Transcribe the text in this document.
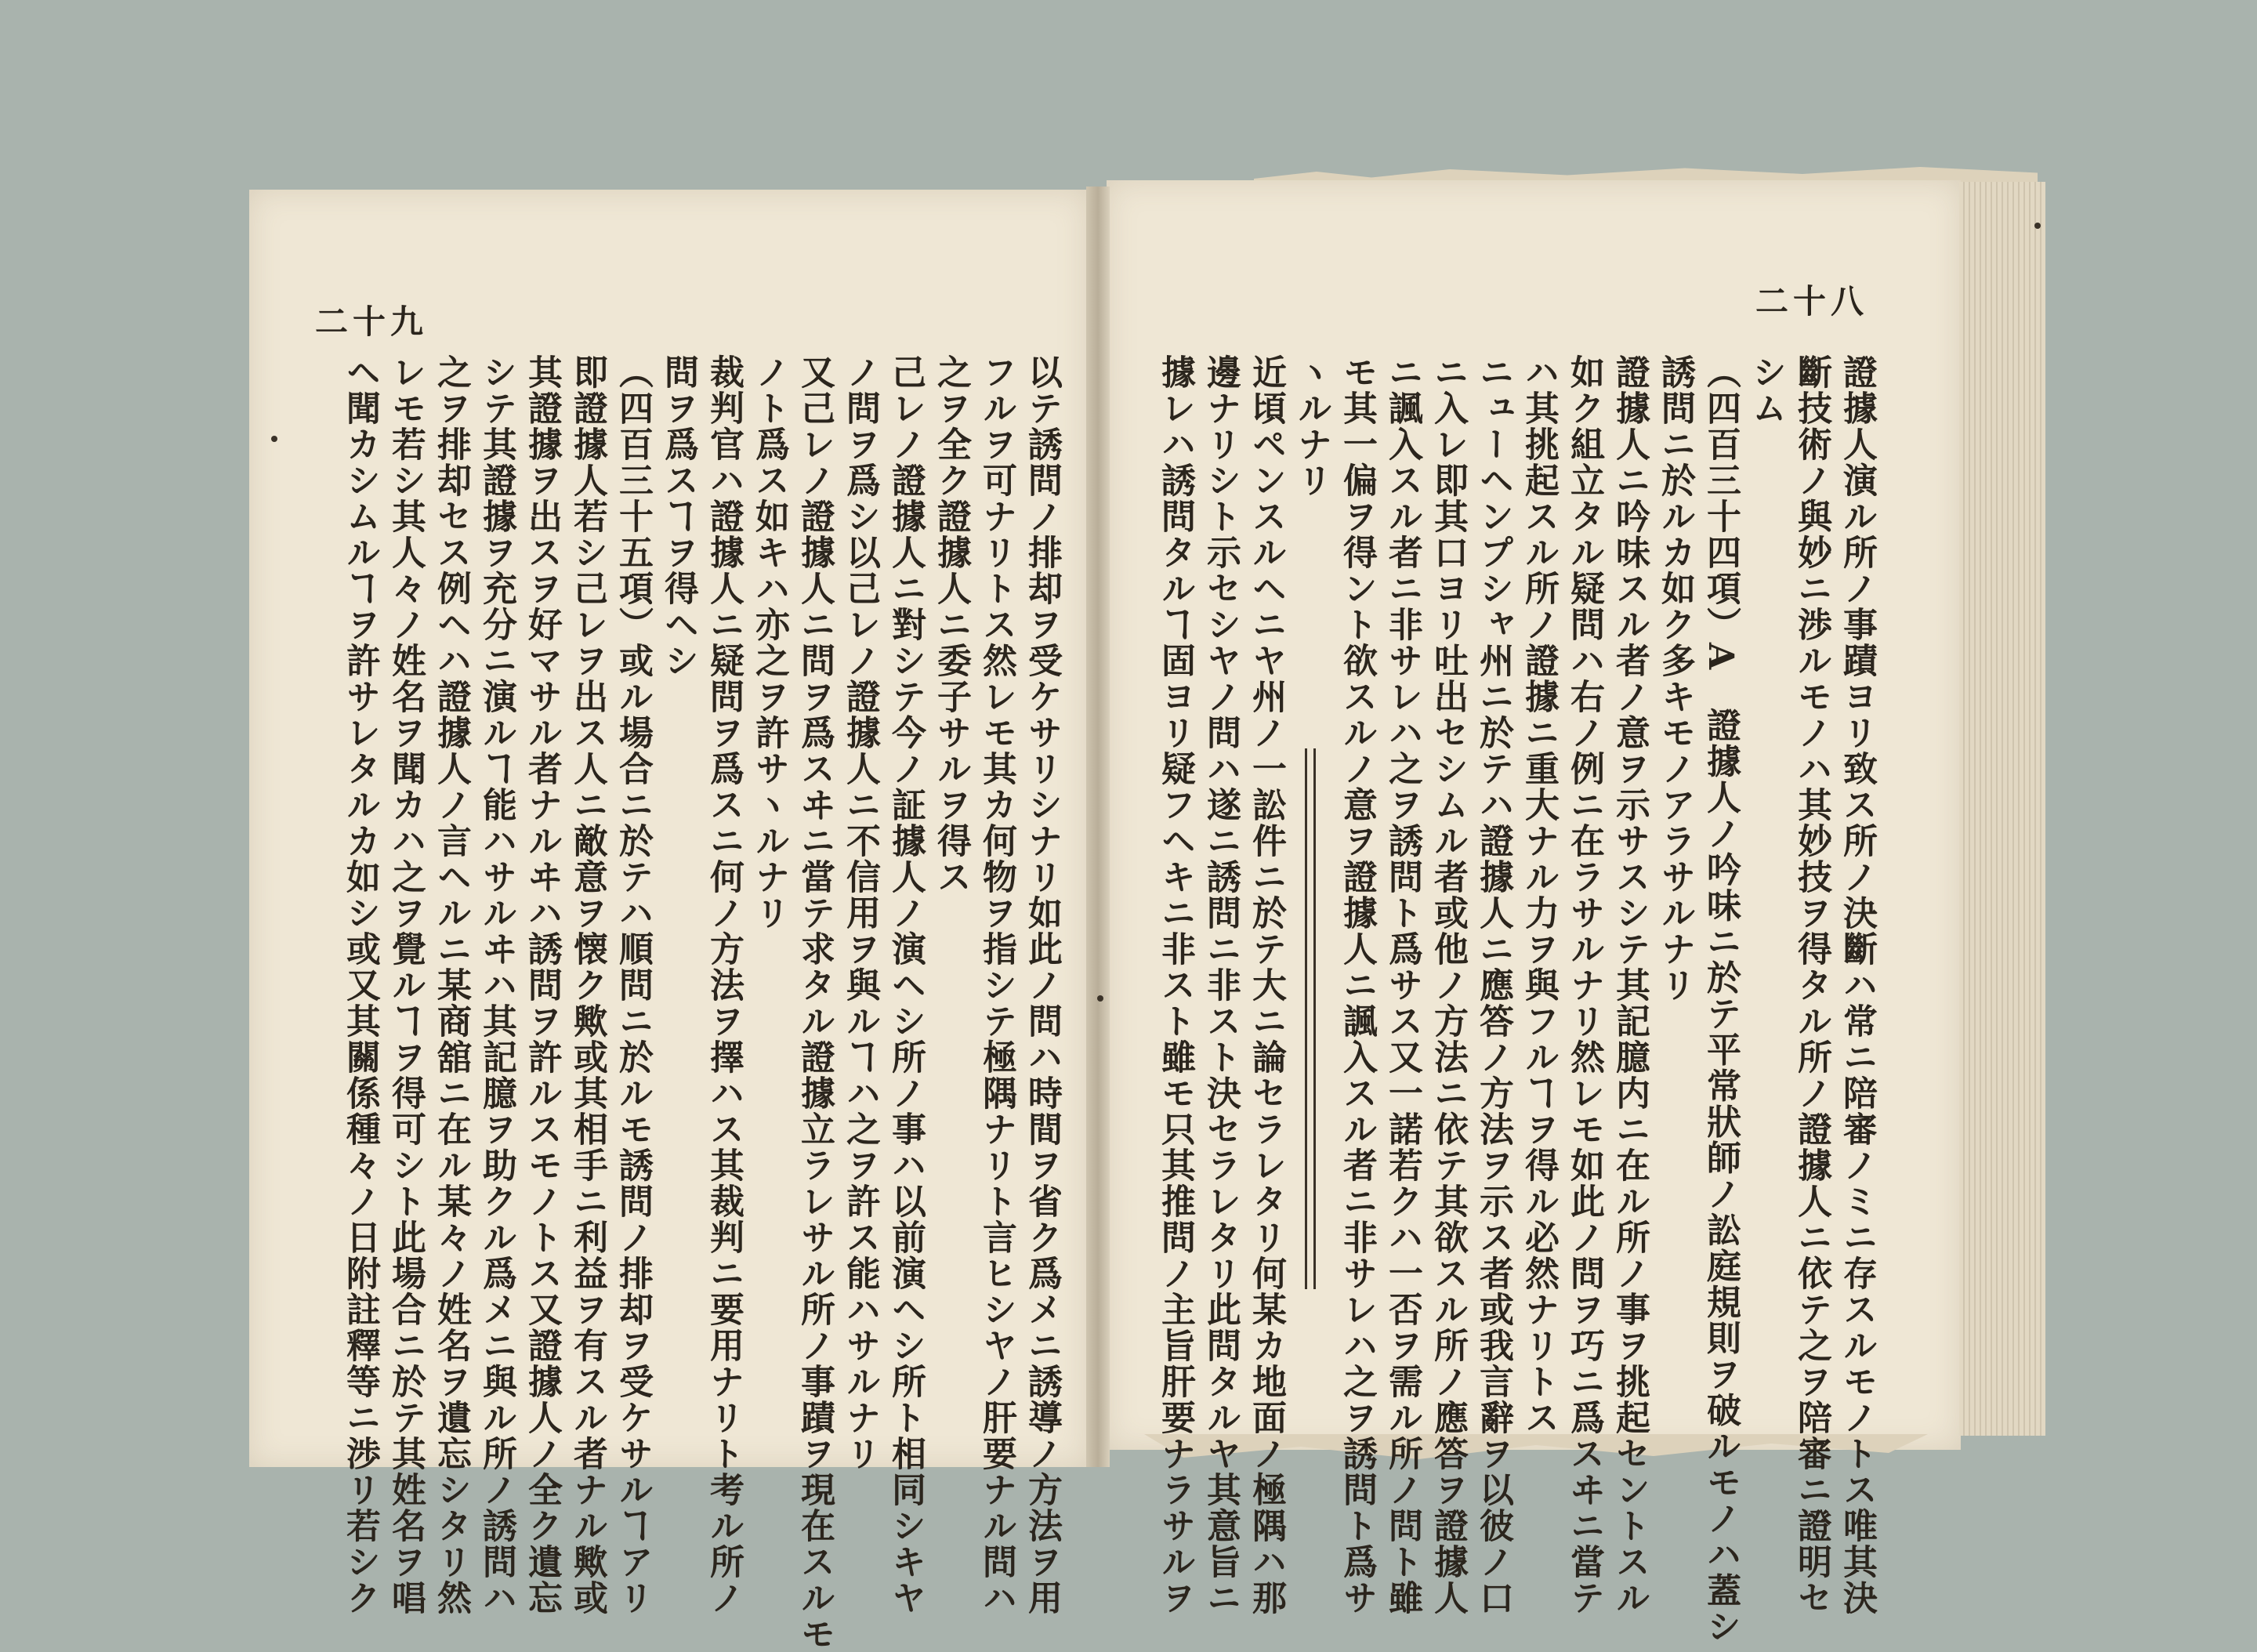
二十九
二十八
證據人演ル所ノ事蹟ヨリ致ス所ノ決斷ハ常ニ陪審ノミニ存スルモノトス唯其決
斷技術ノ與妙ニ渉ルモノハ其妙技ヲ得タル所ノ證據人ニ依テ之ヲ陪審ニ證明セ
シム
（四百三十四項）A　證據人ノ吟味ニ於テ平常狀師ノ訟庭規則ヲ破ルモノハ蓋シ
誘問ニ於ルカ如ク多キモノアラサルナリ
證據人ニ吟味スル者ノ意ヲ示サスシテ其記臆内ニ在ル所ノ事ヲ挑起セントスル
如ク組立タル疑問ハ右ノ例ニ在ラサルナリ然レモ如此ノ問ヲ巧ニ爲スヰニ當テ
ハ其挑起スル所ノ證據ニ重大ナル力ヲ與フルヿヲ得ル必然ナリトス
ニューヘンプシャ州ニ於テハ證據人ニ應答ノ方法ヲ示ス者或我言辭ヲ以彼ノ口
ニ入レ即其口ヨリ吐出セシムル者或他ノ方法ニ依テ其欲スル所ノ應答ヲ證據人
ニ諷入スル者ニ非サレハ之ヲ誘問ト爲サス又一諾若クハ一否ヲ需ル所ノ問ト雖
モ其一偏ヲ得ント欲スルノ意ヲ證據人ニ諷入スル者ニ非サレハ之ヲ誘問ト爲サ
ヽルナリ
近頃ペンスルヘニヤ州ノ一訟件ニ於テ大ニ論セラレタリ何某カ地面ノ極隅ハ那
邊ナリシト示セシヤノ問ハ遂ニ誘問ニ非スト決セラレタリ此問タルヤ其意旨ニ
據レハ誘問タルヿ固ヨリ疑フヘキニ非スト雖モ只其推問ノ主旨肝要ナラサルヲ
以テ誘問ノ排却ヲ受ケサリシナリ如此ノ問ハ時間ヲ省ク爲メニ誘導ノ方法ヲ用
フルヲ可ナリトス然レモ其カ何物ヲ指シテ極隅ナリト言ヒシヤノ肝要ナル問ハ
之ヲ全ク證據人ニ委子サルヲ得ス
己レノ證據人ニ對シテ今ノ証據人ノ演ヘシ所ノ事ハ以前演ヘシ所ト相同シキヤ
ノ問ヲ爲シ以己レノ證據人ニ不信用ヲ與ルヿハ之ヲ許ス能ハサルナリ
又己レノ證據人ニ問ヲ爲スヰニ當テ求タル證據立ラレサル所ノ事蹟ヲ現在スルモ
ノト爲ス如キハ亦之ヲ許サヽルナリ
裁判官ハ證據人ニ疑問ヲ爲スニ何ノ方法ヲ擇ハス其裁判ニ要用ナリト考ル所ノ
問ヲ爲スヿヲ得ヘシ
（四百三十五項）或ル場合ニ於テハ順問ニ於ルモ誘問ノ排却ヲ受ケサルヿアリ
即證據人若シ己レヲ出ス人ニ敵意ヲ懐ク歟或其相手ニ利益ヲ有スル者ナル歟或
其證據ヲ出スヲ好マサル者ナルヰハ誘問ヲ許ルスモノトス又證據人ノ全ク遺忘
シテ其證據ヲ充分ニ演ルヿ能ハサルヰハ其記臆ヲ助クル爲メニ與ル所ノ誘問ハ
之ヲ排却セス例ヘハ證據人ノ言ヘルニ某商舘ニ在ル某々ノ姓名ヲ遺忘シタリ然
レモ若シ其人々ノ姓名ヲ聞カハ之ヲ覺ルヿヲ得可シト此場合ニ於テ其姓名ヲ唱
ヘ聞カシムルヿヲ許サレタルカ如シ或又其關係種々ノ日附註釋等ニ渉リ若シク
